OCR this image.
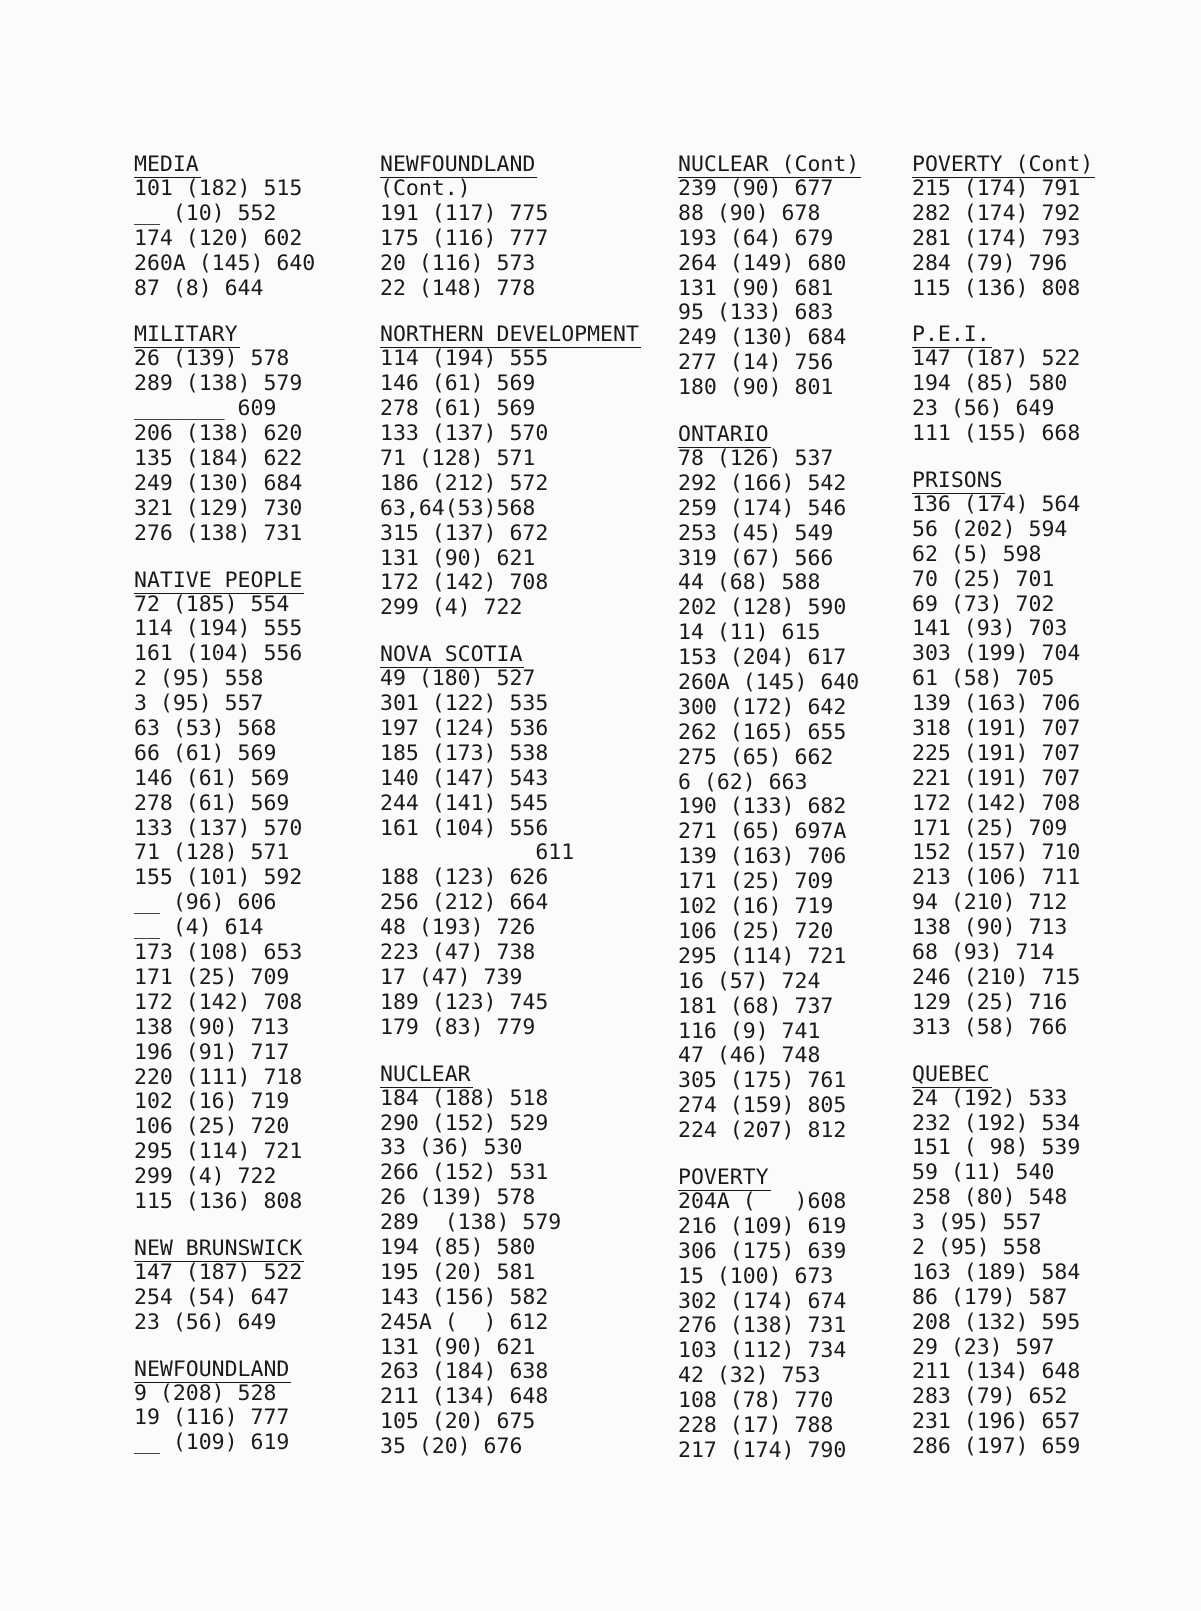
MEDIA
101 (182) 515
__ (10) 552
174 (120) 602
260A (145) 640
87 (8) 644
MILITARY
26 (139) 578
289 (138) 579
_______ 609
206 (138) 620
135 (184) 622
249 (130) 684
321 (129) 730
276 (138) 731
NATIVE PEOPLE
72 (185) 554
114 (194) 555
161 (104) 556
2 (95) 558
3 (95) 557
63 (53) 568
66 (61) 569
146 (61) 569
278 (61) 569
133 (137) 570
71 (128) 571
155 (101) 592
__ (96) 606
__ (4) 614
173 (108) 653
171 (25) 709
172 (142) 708
138 (90) 713
196 (91) 717
220 (111) 718
102 (16) 719
106 (25) 720
295 (114) 721
299 (4) 722
115 (136) 808
NEW BRUNSWICK
147 (187) 522
254 (54) 647
23 (56) 649
NEWFOUNDLAND
9 (208) 528
19 (116) 777
__ (109) 619
NEWFOUNDLAND
(Cont.)
191 (117) 775
175 (116) 777
20 (116) 573
22 (148) 778
NORTHERN DEVELOPMENT
114 (194) 555
146 (61) 569
278 (61) 569
133 (137) 570
71 (128) 571
186 (212) 572
63,64(53)568
315 (137) 672
131 (90) 621
172 (142) 708
299 (4) 722
NOVA SCOTIA
49 (180) 527
301 (122) 535
197 (124) 536
185 (173) 538
140 (147) 543
244 (141) 545
161 (104) 556
611
188 (123) 626
256 (212) 664
48 (193) 726
223 (47) 738
17 (47) 739
189 (123) 745
179 (83) 779
NUCLEAR
184 (188) 518
290 (152) 529
33 (36) 530
266 (152) 531
26 (139) 578
289  (138) 579
194 (85) 580
195 (20) 581
143 (156) 582
245A (  ) 612
131 (90) 621
263 (184) 638
211 (134) 648
105 (20) 675
35 (20) 676
NUCLEAR (Cont)
239 (90) 677
88 (90) 678
193 (64) 679
264 (149) 680
131 (90) 681
95 (133) 683
249 (130) 684
277 (14) 756
180 (90) 801
ONTARIO
78 (126) 537
292 (166) 542
259 (174) 546
253 (45) 549
319 (67) 566
44 (68) 588
202 (128) 590
14 (11) 615
153 (204) 617
260A (145) 640
300 (172) 642
262 (165) 655
275 (65) 662
6 (62) 663
190 (133) 682
271 (65) 697A
139 (163) 706
171 (25) 709
102 (16) 719
106 (25) 720
295 (114) 721
16 (57) 724
181 (68) 737
116 (9) 741
47 (46) 748
305 (175) 761
274 (159) 805
224 (207) 812
POVERTY
204A (   )608
216 (109) 619
306 (175) 639
15 (100) 673
302 (174) 674
276 (138) 731
103 (112) 734
42 (32) 753
108 (78) 770
228 (17) 788
217 (174) 790
POVERTY (Cont)
215 (174) 791
282 (174) 792
281 (174) 793
284 (79) 796
115 (136) 808
P.E.I.
147 (187) 522
194 (85) 580
23 (56) 649
111 (155) 668
PRISONS
136 (174) 564
56 (202) 594
62 (5) 598
70 (25) 701
69 (73) 702
141 (93) 703
303 (199) 704
61 (58) 705
139 (163) 706
318 (191) 707
225 (191) 707
221 (191) 707
172 (142) 708
171 (25) 709
152 (157) 710
213 (106) 711
94 (210) 712
138 (90) 713
68 (93) 714
246 (210) 715
129 (25) 716
313 (58) 766
QUEBEC
24 (192) 533
232 (192) 534
151 ( 98) 539
59 (11) 540
258 (80) 548
3 (95) 557
2 (95) 558
163 (189) 584
86 (179) 587
208 (132) 595
29 (23) 597
211 (134) 648
283 (79) 652
231 (196) 657
286 (197) 659
